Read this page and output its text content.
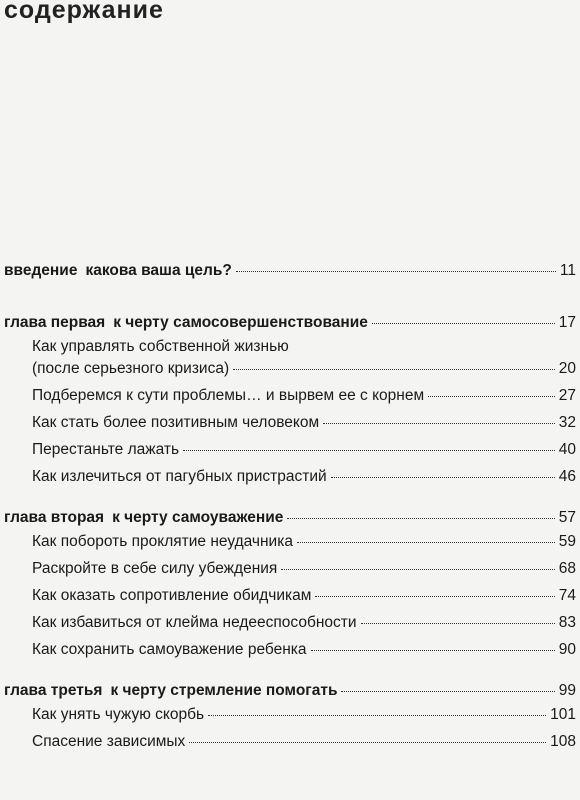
содержание
введение какова ваша цель?	11
глава первая к черту самосовершенствование	17
Как управлять собственной жизнью
(после серьезного кризиса)	20
Подберемся к сути проблемы… и вырвем ее с корнем	27
Как стать более позитивным человеком	32
Перестаньте лажать	40
Как излечиться от пагубных пристрастий	46
глава вторая к черту самоуважение	57
Как побороть проклятие неудачника	59
Раскройте в себе силу убеждения	68
Как оказать сопротивление обидчикам	74
Как избавиться от клейма недееспособности	83
Как сохранить самоуважение ребенка	90
глава третья к черту стремление помогать	99
Как унять чужую скорбь	101
Спасение зависимых	108
